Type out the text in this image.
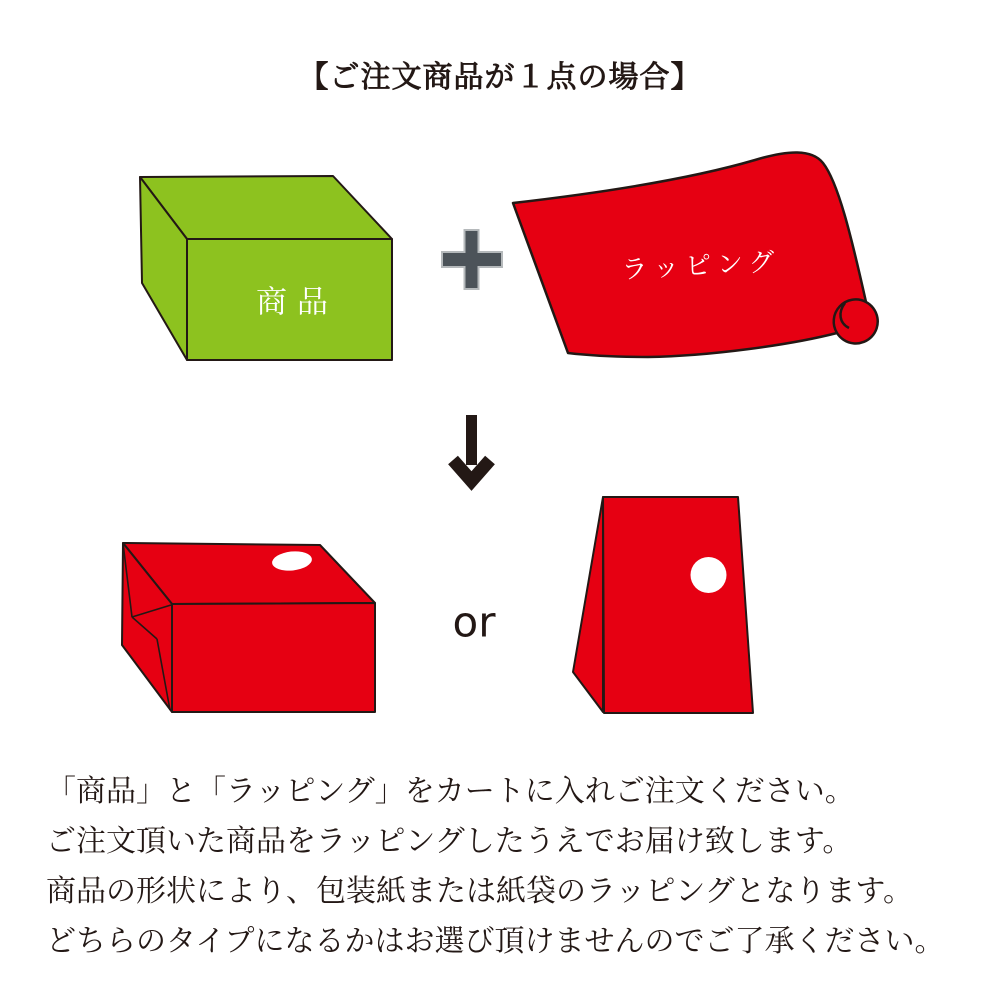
【ご注文商品が１点の場合】
商品
ラッピング
or
「商品」と「ラッピング」をカートに入れご注文ください。
ご注文頂いた商品をラッピングしたうえでお届け致します。
商品の形状により、包装紙または紙袋のラッピングとなります。
どちらのタイプになるかはお選び頂けませんのでご了承ください。
